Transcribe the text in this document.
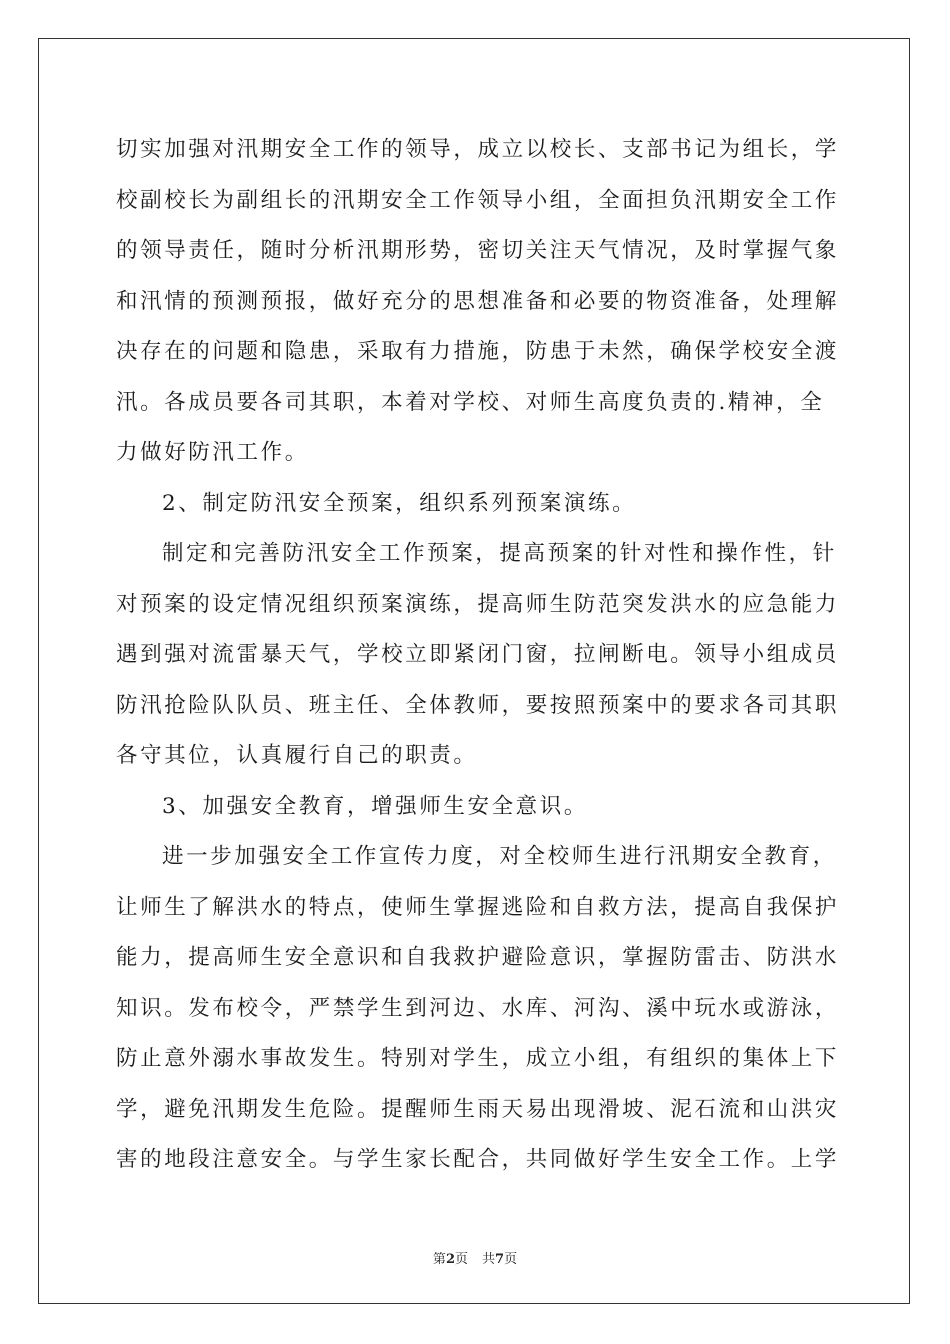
切实加强对汛期安全工作的领导，成立以校长、支部书记为组长，学
校副校长为副组长的汛期安全工作领导小组，全面担负汛期安全工作
的领导责任，随时分析汛期形势，密切关注天气情况，及时掌握气象
和汛情的预测预报，做好充分的思想准备和必要的物资准备，处理解
决存在的问题和隐患，采取有力措施，防患于未然，确保学校安全渡
汛。各成员要各司其职，本着对学校、对师生高度负责的.精神，全
力做好防汛工作。
2、制定防汛安全预案，组织系列预案演练。
制定和完善防汛安全工作预案，提高预案的针对性和操作性，针
对预案的设定情况组织预案演练，提高师生防范突发洪水的应急能力
遇到强对流雷暴天气，学校立即紧闭门窗，拉闸断电。领导小组成员
防汛抢险队队员、班主任、全体教师，要按照预案中的要求各司其职
各守其位，认真履行自己的职责。
3、加强安全教育，增强师生安全意识。
进一步加强安全工作宣传力度，对全校师生进行汛期安全教育，
让师生了解洪水的特点，使师生掌握逃险和自救方法，提高自我保护
能力，提高师生安全意识和自我救护避险意识，掌握防雷击、防洪水
知识。发布校令，严禁学生到河边、水库、河沟、溪中玩水或游泳，
防止意外溺水事故发生。特别对学生，成立小组，有组织的集体上下
学，避免汛期发生危险。提醒师生雨天易出现滑坡、泥石流和山洪灾
害的地段注意安全。与学生家长配合，共同做好学生安全工作。上学
第2页 共7页
